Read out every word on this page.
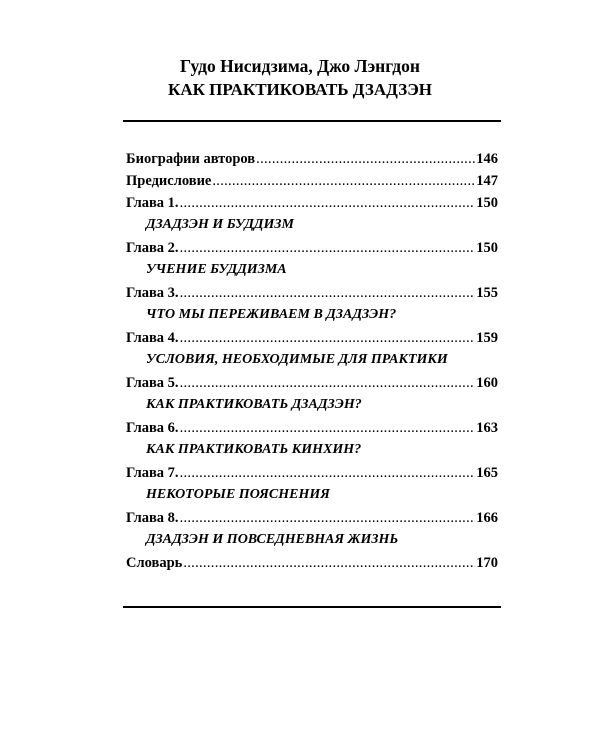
Гудо Нисидзима, Джо Лэнгдон
КАК ПРАКТИКОВАТЬ ДЗАДЗЭН
Биографии авторов .....	146
Предисловие .....	147
Глава 1. .....	150
ДЗАДЗЭН И БУДДИЗМ
Глава 2. .....	150
УЧЕНИЕ БУДДИЗМА
Глава 3. .....	155
ЧТО МЫ ПЕРЕЖИВАЕМ В ДЗАДЗЭН?
Глава 4. .....	159
УСЛОВИЯ, НЕОБХОДИМЫЕ ДЛЯ ПРАКТИКИ
Глава 5. .....	160
КАК ПРАКТИКОВАТЬ ДЗАДЗЭН?
Глава 6. .....	163
КАК ПРАКТИКОВАТЬ КИНХИН?
Глава 7. .....	165
НЕКОТОРЫЕ ПОЯСНЕНИЯ
Глава 8. .....	166
ДЗАДЗЭН И ПОВСЕДНЕВНАЯ ЖИЗНЬ
Словарь .....	170
